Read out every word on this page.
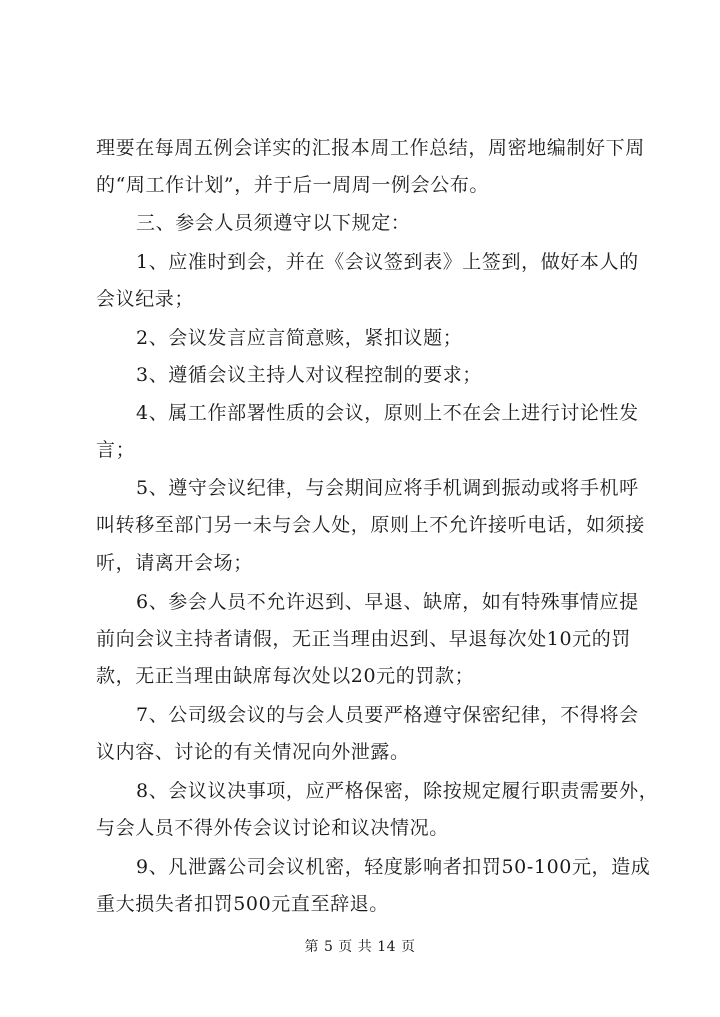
理要在每周五例会详实的汇报本周工作总结，周密地编制好下周
的“周工作计划”，并于后一周周一例会公布。
三、参会人员须遵守以下规定：
1、应准时到会，并在《会议签到表》上签到，做好本人的
会议纪录；
2、会议发言应言简意赅，紧扣议题；
3、遵循会议主持人对议程控制的要求；
4、属工作部署性质的会议，原则上不在会上进行讨论性发
言；
5、遵守会议纪律，与会期间应将手机调到振动或将手机呼
叫转移至部门另一未与会人处，原则上不允许接听电话，如须接
听，请离开会场；
6、参会人员不允许迟到、早退、缺席，如有特殊事情应提
前向会议主持者请假，无正当理由迟到、早退每次处10元的罚
款，无正当理由缺席每次处以20元的罚款；
7、公司级会议的与会人员要严格遵守保密纪律，不得将会
议内容、讨论的有关情况向外泄露。
8、会议议决事项，应严格保密，除按规定履行职责需要外，
与会人员不得外传会议讨论和议决情况。
9、凡泄露公司会议机密，轻度影响者扣罚50-100元，造成
重大损失者扣罚500元直至辞退。
第 5 页 共 14 页
